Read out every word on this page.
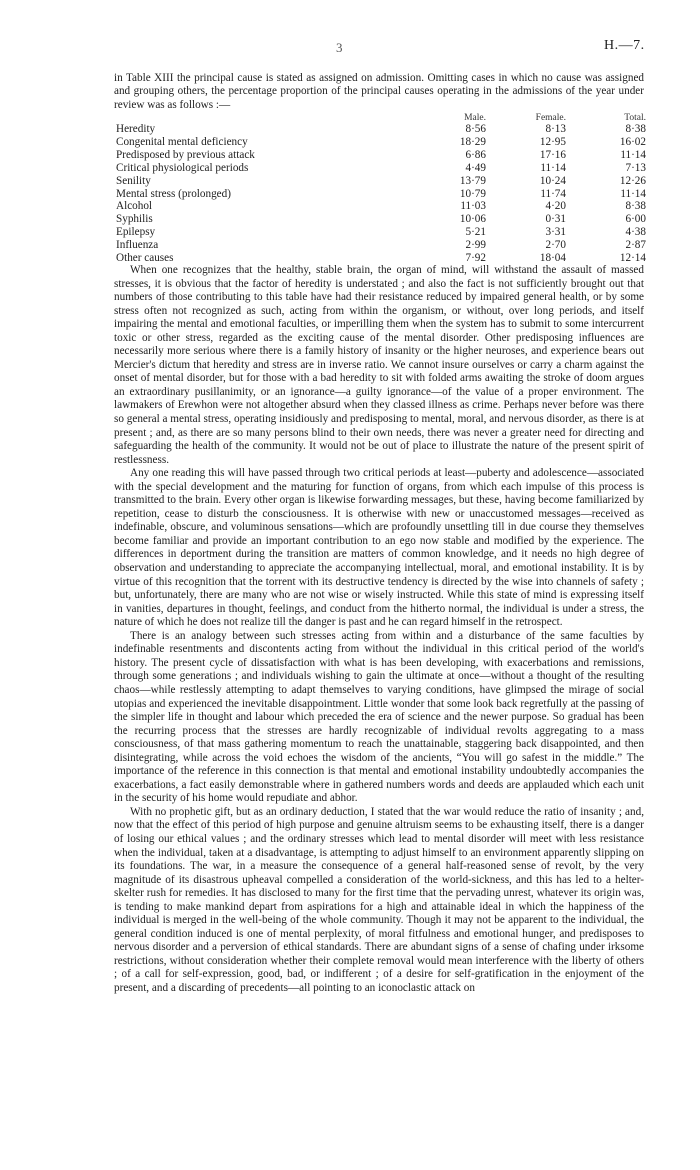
3	H.—7.

in Table XIII the principal cause is stated as assigned on admission. Omitting cases in which no cause was assigned and grouping others, the percentage proportion of the principal causes operating in the admissions of the year under review was as follows :—

	Male.	Female.	Total.
Heredity	8·56	8·13	8·38
Congenital mental deficiency	18·29	12·95	16·02
Predisposed by previous attack	6·86	17·16	11·14
Critical physiological periods	4·49	11·14	7·13
Senility	13·79	10·24	12·26
Mental stress (prolonged)	10·79	11·74	11·14
Alcohol	11·03	4·20	8·38
Syphilis	10·06	0·31	6·00
Epilepsy	5·21	3·31	4·38
Influenza	2·99	2·70	2·87
Other causes	7·92	18·04	12·14

When one recognizes that the healthy, stable brain, the organ of mind, will withstand the assault of massed stresses, it is obvious that the factor of heredity is understated ; and also the fact is not sufficiently brought out that numbers of those contributing to this table have had their resistance reduced by impaired general health, or by some stress often not recognized as such, acting from within the organism, or without, over long periods, and itself impairing the mental and emotional faculties, or imperilling them when the system has to submit to some intercurrent toxic or other stress, regarded as the exciting cause of the mental disorder. Other predisposing influences are necessarily more serious where there is a family history of insanity or the higher neuroses, and experience bears out Mercier's dictum that heredity and stress are in inverse ratio. We cannot insure ourselves or carry a charm against the onset of mental disorder, but for those with a bad heredity to sit with folded arms awaiting the stroke of doom argues an extraordinary pusillanimity, or an ignorance—a guilty ignorance—of the value of a proper environment. The lawmakers of Erewhon were not altogether absurd when they classed illness as crime. Perhaps never before was there so general a mental stress, operating insidiously and predisposing to mental, moral, and nervous disorder, as there is at present ; and, as there are so many persons blind to their own needs, there was never a greater need for directing and safeguarding the health of the community. It would not be out of place to illustrate the nature of the present spirit of restlessness.

Any one reading this will have passed through two critical periods at least—puberty and adolescence—associated with the special development and the maturing for function of organs, from which each impulse of this process is transmitted to the brain. Every other organ is likewise forwarding messages, but these, having become familiarized by repetition, cease to disturb the consciousness. It is otherwise with new or unaccustomed messages—received as indefinable, obscure, and voluminous sensations—which are profoundly unsettling till in due course they themselves become familiar and provide an important contribution to an ego now stable and modified by the experience. The differences in deportment during the transition are matters of common knowledge, and it needs no high degree of observation and understanding to appreciate the accompanying intellectual, moral, and emotional instability. It is by virtue of this recognition that the torrent with its destructive tendency is directed by the wise into channels of safety ; but, unfortunately, there are many who are not wise or wisely instructed. While this state of mind is expressing itself in vanities, departures in thought, feelings, and conduct from the hitherto normal, the individual is under a stress, the nature of which he does not realize till the danger is past and he can regard himself in the retrospect.

There is an analogy between such stresses acting from within and a disturbance of the same faculties by indefinable resentments and discontents acting from without the individual in this critical period of the world's history. The present cycle of dissatisfaction with what is has been developing, with exacerbations and remissions, through some generations ; and individuals wishing to gain the ultimate at once—without a thought of the resulting chaos—while restlessly attempting to adapt themselves to varying conditions, have glimpsed the mirage of social utopias and experienced the inevitable disappointment. Little wonder that some look back regretfully at the passing of the simpler life in thought and labour which preceded the era of science and the newer purpose. So gradual has been the recurring process that the stresses are hardly recognizable of individual revolts aggregating to a mass consciousness, of that mass gathering momentum to reach the unattainable, staggering back disappointed, and then disintegrating, while across the void echoes the wisdom of the ancients, “You will go safest in the middle.” The importance of the reference in this connection is that mental and emotional instability undoubtedly accompanies the exacerbations, a fact easily demonstrable where in gathered numbers words and deeds are applauded which each unit in the security of his home would repudiate and abhor.

With no prophetic gift, but as an ordinary deduction, I stated that the war would reduce the ratio of insanity ; and, now that the effect of this period of high purpose and genuine altruism seems to be exhausting itself, there is a danger of losing our ethical values ; and the ordinary stresses which lead to mental disorder will meet with less resistance when the individual, taken at a disadvantage, is attempting to adjust himself to an environment apparently slipping on its foundations. The war, in a measure the consequence of a general half-reasoned sense of revolt, by the very magnitude of its disastrous upheaval compelled a consideration of the world-sickness, and this has led to a helter-skelter rush for remedies. It has disclosed to many for the first time that the pervading unrest, whatever its origin was, is tending to make mankind depart from aspirations for a high and attainable ideal in which the happiness of the individual is merged in the well-being of the whole community. Though it may not be apparent to the individual, the general condition induced is one of mental perplexity, of moral fitfulness and emotional hunger, and predisposes to nervous disorder and a perversion of ethical standards. There are abundant signs of a sense of chafing under irksome restrictions, without consideration whether their complete removal would mean interference with the liberty of others ; of a call for self-expression, good, bad, or indifferent ; of a desire for self-gratification in the enjoyment of the present, and a discarding of precedents—all pointing to an iconoclastic attack on
